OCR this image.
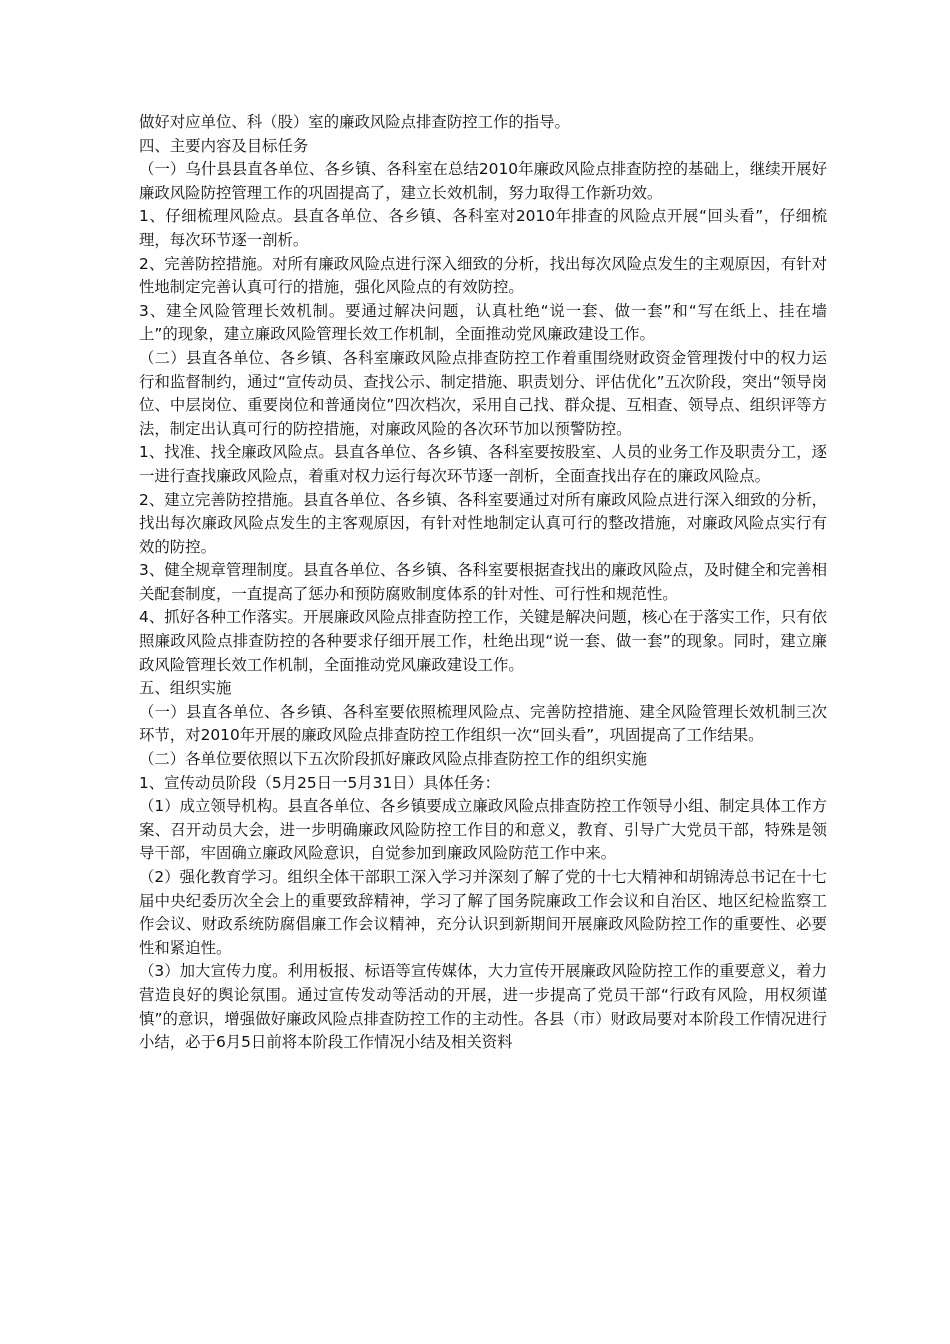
做好对应单位、科（股）室的廉政风险点排查防控工作的指导。

四、主要内容及目标任务

（一）乌什县县直各单位、各乡镇、各科室在总结2010年廉政风险点排查防控的基础上，继续开展好廉政风险防控管理工作的巩固提高了，建立长效机制，努力取得工作新功效。

1、仔细梳理风险点。县直各单位、各乡镇、各科室对2010年排查的风险点开展“回头看”，仔细梳理，每次环节逐一剖析。

2、完善防控措施。对所有廉政风险点进行深入细致的分析，找出每次风险点发生的主观原因，有针对性地制定完善认真可行的措施，强化风险点的有效防控。

3、建全风险管理长效机制。要通过解决问题，认真杜绝“说一套、做一套”和“写在纸上、挂在墙上”的现象，建立廉政风险管理长效工作机制，全面推动党风廉政建设工作。

（二）县直各单位、各乡镇、各科室廉政风险点排查防控工作着重围绕财政资金管理拨付中的权力运行和监督制约，通过“宣传动员、查找公示、制定措施、职责划分、评估优化”五次阶段，突出“领导岗位、中层岗位、重要岗位和普通岗位”四次档次，采用自己找、群众提、互相查、领导点、组织评等方法，制定出认真可行的防控措施，对廉政风险的各次环节加以预警防控。

1、找准、找全廉政风险点。县直各单位、各乡镇、各科室要按股室、人员的业务工作及职责分工，逐一进行查找廉政风险点，着重对权力运行每次环节逐一剖析，全面查找出存在的廉政风险点。

2、建立完善防控措施。县直各单位、各乡镇、各科室要通过对所有廉政风险点进行深入细致的分析，找出每次廉政风险点发生的主客观原因，有针对性地制定认真可行的整改措施，对廉政风险点实行有效的防控。

3、健全规章管理制度。县直各单位、各乡镇、各科室要根据查找出的廉政风险点，及时健全和完善相关配套制度，一直提高了惩办和预防腐败制度体系的针对性、可行性和规范性。

4、抓好各种工作落实。开展廉政风险点排查防控工作，关键是解决问题，核心在于落实工作，只有依照廉政风险点排查防控的各种要求仔细开展工作，杜绝出现“说一套、做一套”的现象。同时，建立廉政风险管理长效工作机制，全面推动党风廉政建设工作。

五、组织实施

（一）县直各单位、各乡镇、各科室要依照梳理风险点、完善防控措施、建全风险管理长效机制三次环节，对2010年开展的廉政风险点排查防控工作组织一次“回头看”，巩固提高了工作结果。

（二）各单位要依照以下五次阶段抓好廉政风险点排查防控工作的组织实施

1、宣传动员阶段（5月25日一5月31日）具体任务：

（1）成立领导机构。县直各单位、各乡镇要成立廉政风险点排查防控工作领导小组、制定具体工作方案、召开动员大会，进一步明确廉政风险防控工作目的和意义，教育、引导广大党员干部，特殊是领导干部，牢固确立廉政风险意识，自觉参加到廉政风险防范工作中来。

（2）强化教育学习。组织全体干部职工深入学习并深刻了解了党的十七大精神和胡锦涛总书记在十七届中央纪委历次全会上的重要致辞精神，学习了解了国务院廉政工作会议和自治区、地区纪检监察工作会议、财政系统防腐倡廉工作会议精神，充分认识到新期间开展廉政风险防控工作的重要性、必要性和紧迫性。

（3）加大宣传力度。利用板报、标语等宣传媒体，大力宣传开展廉政风险防控工作的重要意义，着力营造良好的舆论氛围。通过宣传发动等活动的开展，进一步提高了党员干部“行政有风险，用权须谨慎”的意识，增强做好廉政风险点排查防控工作的主动性。各县（市）财政局要对本阶段工作情况进行小结，必于6月5日前将本阶段工作情况小结及相关资料
